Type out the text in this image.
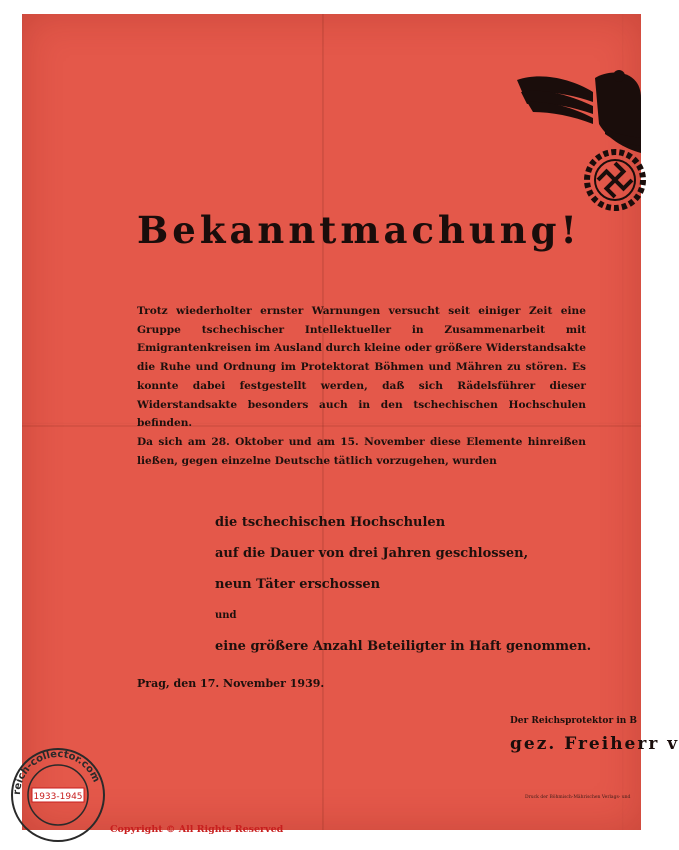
Bekanntmachung!

Trotz wiederholter ernster Warnungen versucht seit einiger Zeit eine Gruppe tschechischer Intellektueller in Zusammenarbeit mit Emigrantenkreisen im Ausland durch kleine oder größere Widerstandsakte die Ruhe und Ordnung im Protektorat Böhmen und Mähren zu stören. Es konnte dabei festgestellt werden, daß sich Rädelsführer dieser Widerstandsakte besonders auch in den tschechischen Hochschulen befinden.

Da sich am 28. Oktober und am 15. November diese Elemente hinreißen ließen, gegen einzelne Deutsche tätlich vorzugehen, wurden

die tschechischen Hochschulen
auf die Dauer von drei Jahren geschlossen,
neun Täter erschossen
und
eine größere Anzahl Beteiligter in Haft genommen.
Prag, den 17. November 1939.
Der Reichsprotektor in B
gez. Freiherr v
Druck der Böhmisch-Mährischen Verlags- und
reich-collector.com
1933-1945
Copyright © All Rights Reserved
